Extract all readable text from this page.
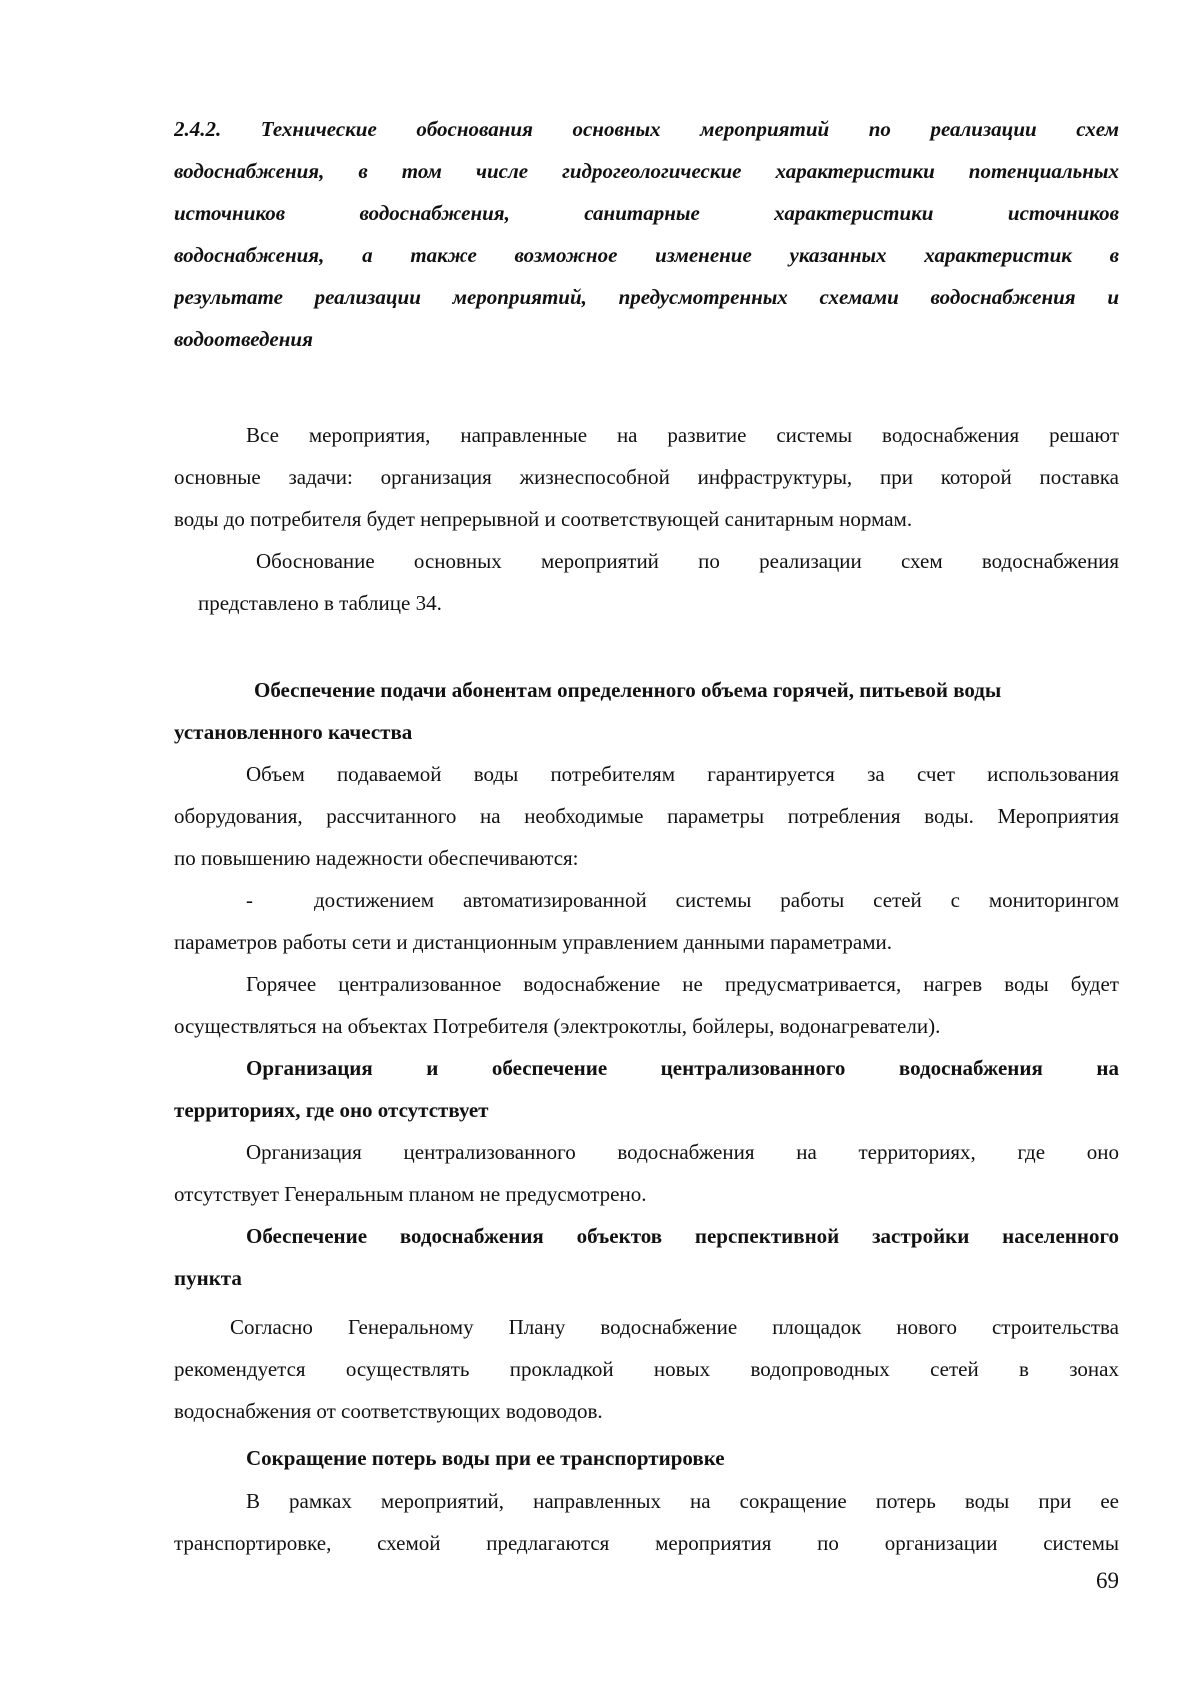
2.4.2. Технические обоснования основных мероприятий по реализации схем
водоснабжения, в том числе гидрогеологические характеристики потенциальных
источников водоснабжения, санитарные характеристики источников
водоснабжения, а также возможное изменение указанных характеристик в
результате реализации мероприятий, предусмотренных схемами водоснабжения и
водоотведения
Все мероприятия, направленные на развитие системы водоснабжения решают
основные задачи: организация жизнеспособной инфраструктуры, при которой поставка
воды до потребителя будет непрерывной и соответствующей санитарным нормам.
Обоснование основных мероприятий по реализации схем водоснабжения
представлено в таблице 34.
Обеспечение подачи абонентам определенного объема горячей, питьевой воды
установленного качества
Объем подаваемой воды потребителям гарантируется за счет использования
оборудования, рассчитанного на необходимые параметры потребления воды. Мероприятия
по повышению надежности обеспечиваются:
-	достижением автоматизированной системы работы сетей с мониторингом
параметров работы сети и дистанционным управлением данными параметрами.
Горячее централизованное водоснабжение не предусматривается, нагрев воды будет
осуществляться на объектах Потребителя (электрокотлы, бойлеры, водонагреватели).
Организация и обеспечение централизованного водоснабжения на
территориях, где оно отсутствует
Организация централизованного водоснабжения на территориях, где оно
отсутствует Генеральным планом не предусмотрено.
Обеспечение водоснабжения объектов перспективной застройки населенного
пункта
Согласно Генеральному Плану водоснабжение площадок нового строительства
рекомендуется осуществлять прокладкой новых водопроводных сетей в зонах
водоснабжения от соответствующих водоводов.
Сокращение потерь воды при ее транспортировке
В рамках мероприятий, направленных на сокращение потерь воды при ее
транспортировке, схемой предлагаются мероприятия по организации системы
69
